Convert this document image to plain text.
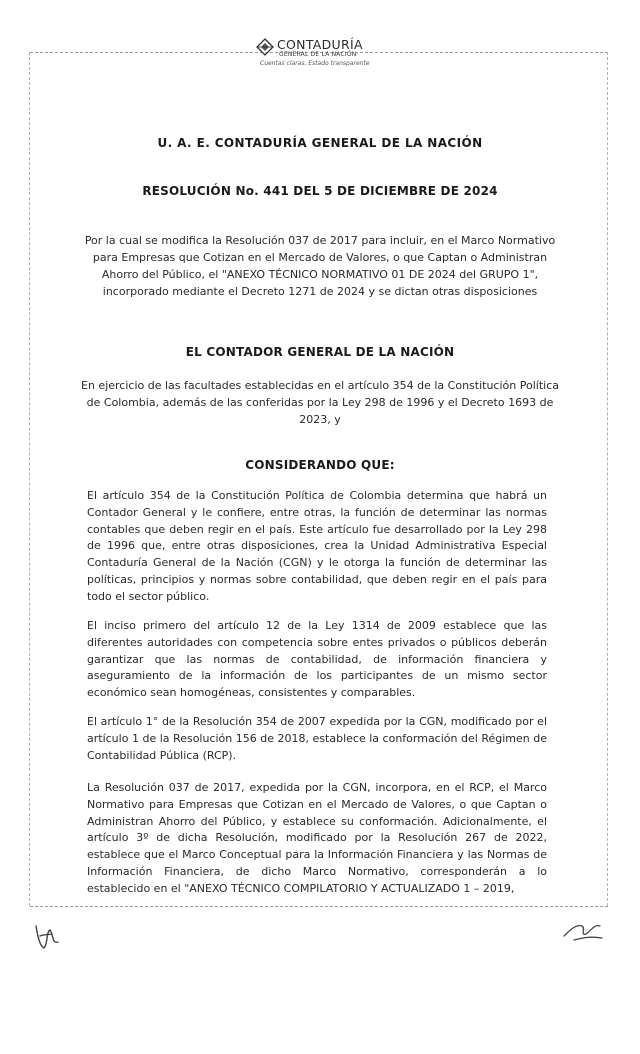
CONTADURÍA
GENERAL DE LA NACIÓN
Cuentas claras, Estado transparente
U. A. E. CONTADURÍA GENERAL DE LA NACIÓN
RESOLUCIÓN No. 441 DEL 5 DE DICIEMBRE DE 2024
Por la cual se modifica la Resolución 037 de 2017 para incluir, en el Marco Normativo para Empresas que Cotizan en el Mercado de Valores, o que Captan o Administran Ahorro del Público, el "ANEXO TÉCNICO NORMATIVO 01 DE 2024 del GRUPO 1", incorporado mediante el Decreto 1271 de 2024 y se dictan otras disposiciones
EL CONTADOR GENERAL DE LA NACIÓN
En ejercicio de las facultades establecidas en el artículo 354 de la Constitución Política de Colombia, además de las conferidas por la Ley 298 de 1996 y el Decreto 1693 de 2023, y
CONSIDERANDO QUE:
El artículo 354 de la Constitución Política de Colombia determina que habrá un Contador General y le confiere, entre otras, la función de determinar las normas contables que deben regir en el país. Este artículo fue desarrollado por la Ley 298 de 1996 que, entre otras disposiciones, crea la Unidad Administrativa Especial Contaduría General de la Nación (CGN) y le otorga la función de determinar las políticas, principios y normas sobre contabilidad, que deben regir en el país para todo el sector público.
El inciso primero del artículo 12 de la Ley 1314 de 2009 establece que las diferentes autoridades con competencia sobre entes privados o públicos deberán garantizar que las normas de contabilidad, de información financiera y aseguramiento de la información de los participantes de un mismo sector económico sean homogéneas, consistentes y comparables.
El artículo 1° de la Resolución 354 de 2007 expedida por la CGN, modificado por el artículo 1 de la Resolución 156 de 2018, establece la conformación del Régimen de Contabilidad Pública (RCP).
La Resolución 037 de 2017, expedida por la CGN, incorpora, en el RCP, el Marco Normativo para Empresas que Cotizan en el Mercado de Valores, o que Captan o Administran Ahorro del Público, y establece su conformación. Adicionalmente, el artículo 3º de dicha Resolución, modificado por la Resolución 267 de 2022, establece que el Marco Conceptual para la Información Financiera y las Normas de Información Financiera, de dicho Marco Normativo, corresponderán a lo establecido en el "ANEXO TÉCNICO COMPILATORIO Y ACTUALIZADO 1 – 2019,
